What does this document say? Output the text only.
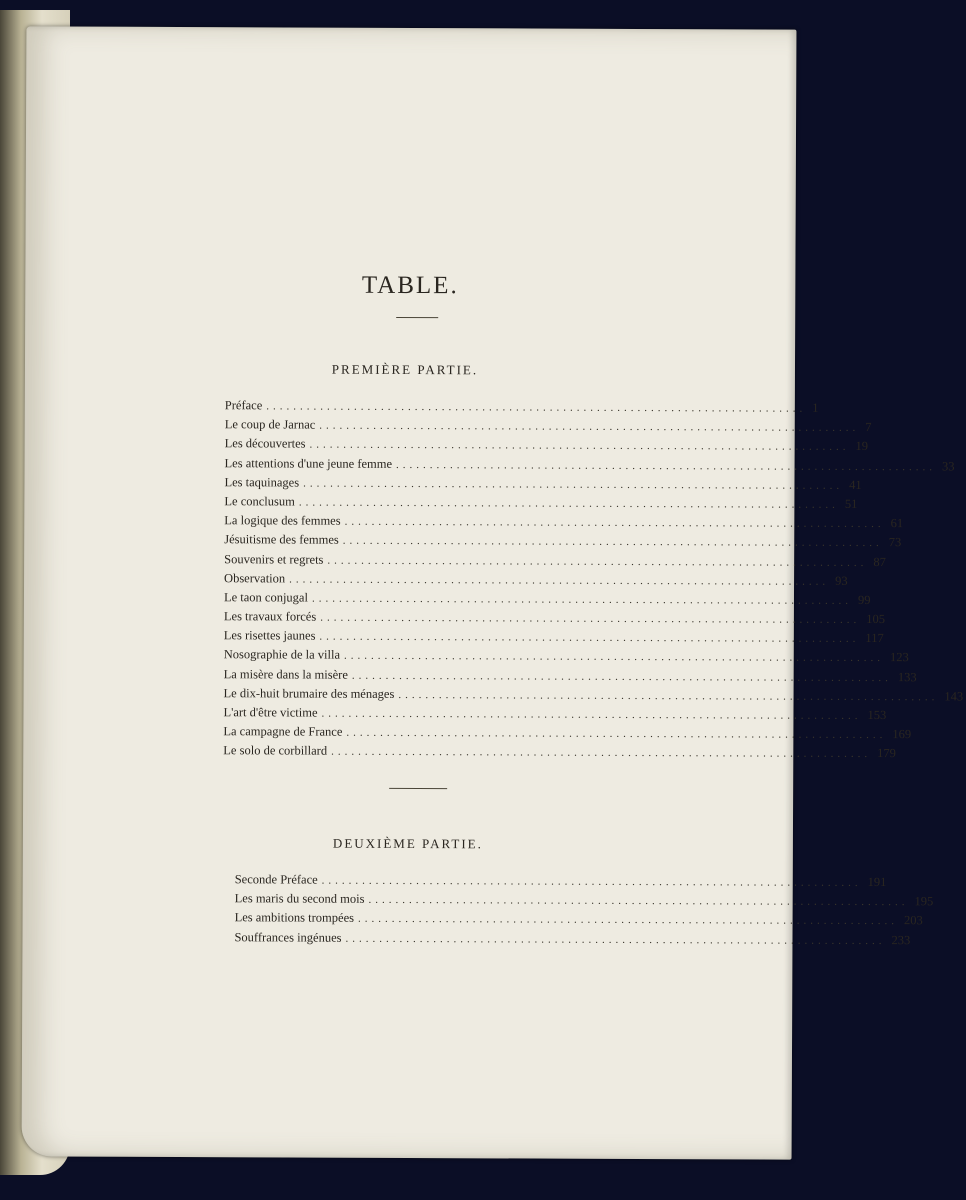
TABLE.
PREMIÈRE PARTIE.
Préface ................................................................................ 1
Le coup de Jarnac ................................................................................ 7
Les découvertes ................................................................................ 19
Les attentions d'une jeune femme ................................................................................ 33
Les taquinages ................................................................................ 41
Le conclusum ................................................................................ 51
La logique des femmes ................................................................................ 61
Jésuitisme des femmes ................................................................................ 73
Souvenirs et regrets ................................................................................ 87
Observation ................................................................................ 93
Le taon conjugal ................................................................................ 99
Les travaux forcés ................................................................................ 105
Les risettes jaunes ................................................................................ 117
Nosographie de la villa ................................................................................ 123
La misère dans la misère ................................................................................ 133
Le dix-huit brumaire des ménages ................................................................................ 143
L'art d'être victime ................................................................................ 153
La campagne de France ................................................................................ 169
Le solo de corbillard ................................................................................ 179
DEUXIÈME PARTIE.
Seconde Préface ................................................................................ 191
Les maris du second mois ................................................................................ 195
Les ambitions trompées ................................................................................ 203
Souffrances ingénues ................................................................................ 233
